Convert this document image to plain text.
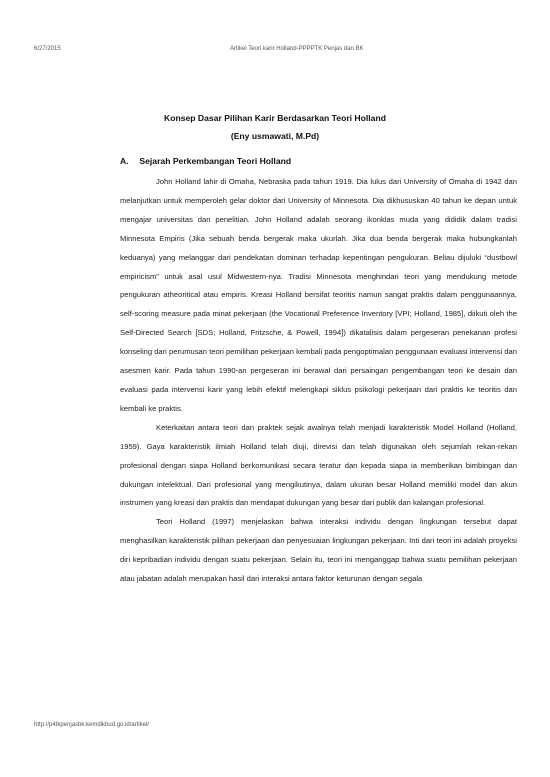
6/27/2015	Artikel Teori karir Holland-PPPPTK Penjas dan BK
Konsep Dasar Pilihan Karir Berdasarkan Teori Holland
(Eny usmawati, M.Pd)
A. Sejarah Perkembangan Teori Holland

John Holland lahir di Omaha, Nebraska pada tahun 1919. Dia lulus dari University of Omaha di 1942 dan melanjutkan untuk memperoleh gelar doktor dari University of Minnesota. Dia dikhususkan 40 tahun ke depan untuk mengajar universitas dan penelitian. John Holland adalah seorang ikonklas muda yang dididik dalam tradisi Minnesota Empiris (Jika sebuah benda bergerak maka ukurlah. Jika dua benda bergerak maka hubungkanlah keduanya) yang melanggar dari pendekatan dominan terhadap kepentingan pengukuran. Beliau dijuluki “dustbowl empiricism” untuk asal usul Midwestern-nya. Tradisi Minnesota menghindari teori yang mendukung metode pengukuran atheoritical atau empiris. Kreasi Holland bersifat teoritis namun sangat praktis dalam penggunaannya, self-scoring measure pada minat pekerjaan (the Vocational Preference Inventory [VPI; Holland, 1985], diikuti oleh the Self-Directed Search [SDS; Holland, Fritzsche, & Powell, 1994]) dikatalisis dalam pergeseran penekanan profesi konseling dari perumusan teori pemilihan pekerjaan kembali pada pengoptimalan penggunaan evaluasi intervensi dan asesmen karir. Pada tahun 1990-an pergeseran ini berawal dari persaingan pengembangan teori ke desain dan evaluasi pada intervensi karir yang lebih efektif melengkapi siklus psikologi pekerjaan dari praktis ke teoritis dan kembali ke praktis.

Keterkaitan antara teori dan praktek sejak awalnya telah menjadi karakteristik Model Holland (Holland, 1959). Gaya karakteristik ilmiah Holland telah diuji, direvisi dan telah digunakan oleh sejumlah rekan-rekan profesional dengan siapa Holland berkomunikasi secara teratur dan kepada siapa ia memberikan bimbingan dan dukungan intelektual. Dari profesional yang mengikutinya, dalam ukuran besar Holland memiliki model dan akun instrumen yang kreasi dan praktis dan mendapat dukungan yang besar dari publik dan kalangan profesional.

Teori Holland (1997) menjelaskan bahwa interaksi individu dengan lingkungan tersebut dapat menghasilkan karakteristik pilihan pekerjaan dan penyesuaian lingkungan pekerjaan. Inti dari teori ini adalah proyeksi diri kepribadian individu dengan suatu pekerjaan. Selain itu, teori ini menganggap bahwa suatu pemilihan pekerjaan atau jabatan adalah merupakan hasil dari interaksi antara faktor keturunan dengan segala

http://p4tkpenjasbk.kemdikbud.go.id/artikel/
